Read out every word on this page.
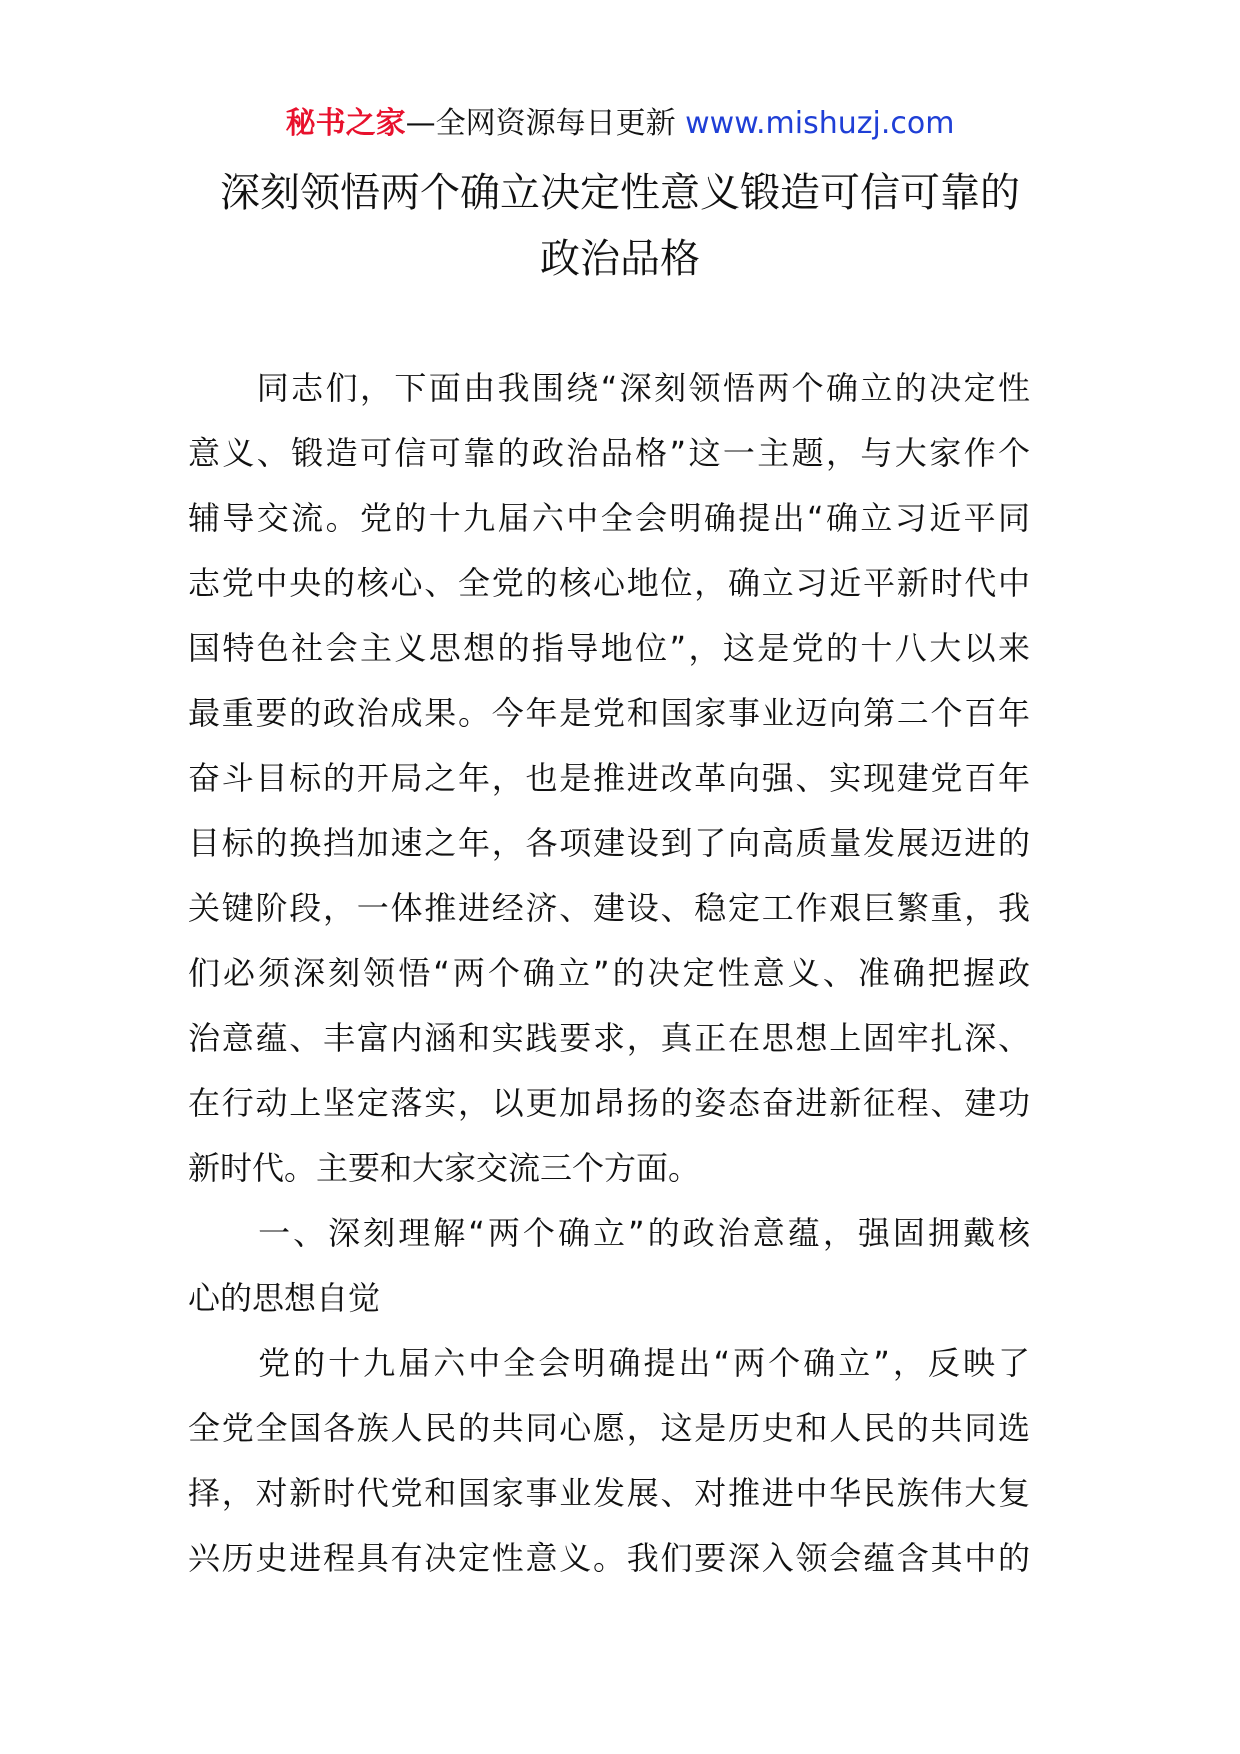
秘书之家—全网资源每日更新 www.mishuzj.com
深刻领悟两个确立决定性意义锻造可信可靠的
政治品格
　　同志们，下面由我围绕“深刻领悟两个确立的决定性
意义、锻造可信可靠的政治品格”这一主题，与大家作个
辅导交流。党的十九届六中全会明确提出“确立习近平同
志党中央的核心、全党的核心地位，确立习近平新时代中
国特色社会主义思想的指导地位”，这是党的十八大以来
最重要的政治成果。今年是党和国家事业迈向第二个百年
奋斗目标的开局之年，也是推进改革向强、实现建党百年
目标的换挡加速之年，各项建设到了向高质量发展迈进的
关键阶段，一体推进经济、建设、稳定工作艰巨繁重，我
们必须深刻领悟“两个确立”的决定性意义、准确把握政
治意蕴、丰富内涵和实践要求，真正在思想上固牢扎深、
在行动上坚定落实，以更加昂扬的姿态奋进新征程、建功
新时代。主要和大家交流三个方面。
　　一、深刻理解“两个确立”的政治意蕴，强固拥戴核
心的思想自觉
　　党的十九届六中全会明确提出“两个确立”，反映了
全党全国各族人民的共同心愿，这是历史和人民的共同选
择，对新时代党和国家事业发展、对推进中华民族伟大复
兴历史进程具有决定性意义。我们要深入领会蕴含其中的
